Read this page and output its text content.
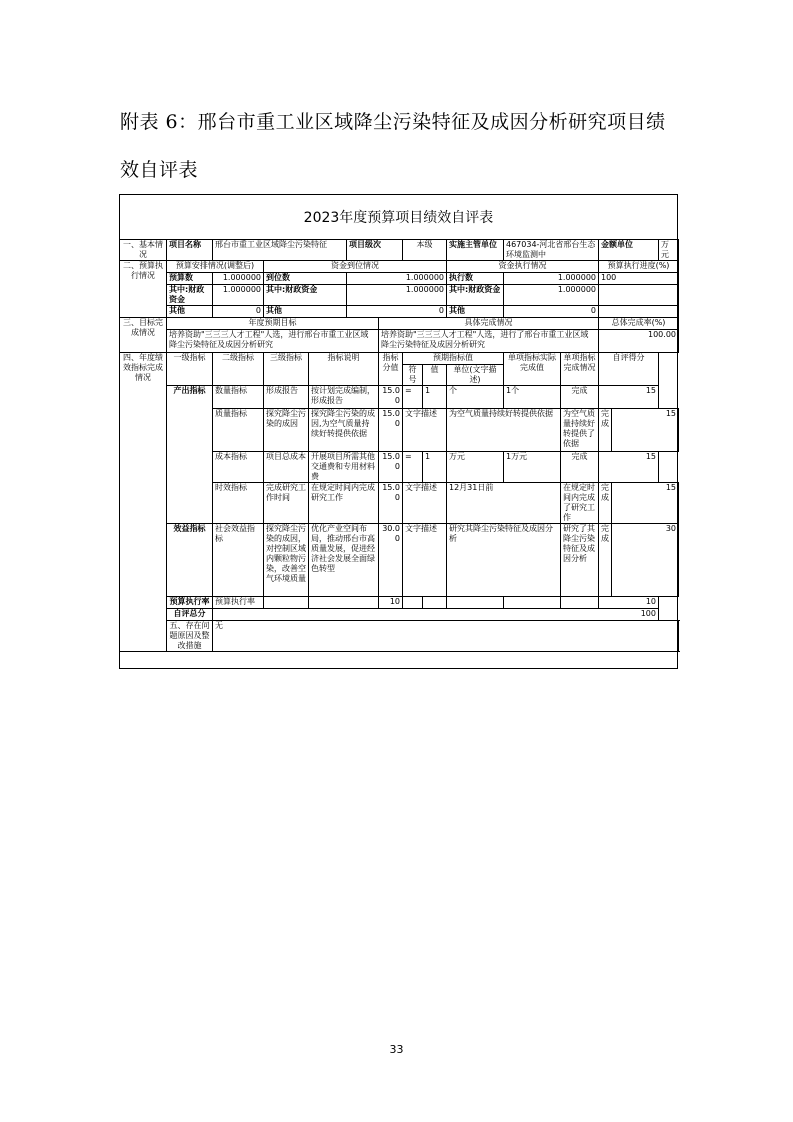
附表 6：邢台市重工业区域降尘污染特征及成因分析研究项目绩效自评表
2023年度预算项目绩效自评表
一、基本情况	项目名称	邢台市重工业区域降尘污染特征			项目级次		本级		实施主管单位	467034-河北省邢台生态环境监测中		金额单位		万元
二、预算执行情况	预算安排情况(调整后)		资金到位情况						资金执行情况			预算执行进度(%)		
	预算数	1.000000	到位数		1.000000				执行数	1.000000		100		
	其中:财政资金	1.000000	其中:财政资金		1.000000				其中:财政资金	1.000000				
	其他	0	其他		0				其他	0				
三、目标完成情况	年度预期目标					具体完成情况						总体完成率(%)		
	培养资助"三三三人才工程"人选，进行邢台市重工业区域降尘污染特征及成因分析研究					培养资助"三三三人才工程"人选，进行了邢台市重工业区域降尘污染特征及成因分析研究						100.00		
四、年度绩效指标完成情况	一级指标	二级指标	三级指标	指标说明		指标分值	预期指标值			单项指标实际完成值	单项指标完成情况	自评得分		
							符号	值	单位(文字描述)					
	产出指标	数量指标	形成报告	按计划完成编制，形成报告		15.00	=	1	个	1个	完成	15		
		质量指标	探究降尘污染的成因	探究降尘污染的成因,为空气质量持续好转提供依据		15.00	文字描述		为空气质量持续好转提供依据		为空气质量持续好转提供了依据	完成	15	
		成本指标	项目总成本	开展项目所需其他交通费和专用材料费		15.00	=	1	万元	1万元	完成	15		
		时效指标	完成研究工作时间	在规定时间内完成研究工作		15.00	文字描述		12月31日前		在规定时间内完成了研究工作	完成	15	
	效益指标	社会效益指标	探究降尘污染的成因，对控制区域内颗粒物污染，改善空气环境质量	优化产业空间布局，推动邢台市高质量发展，促进经济社会发展全面绿色转型		30.00	文字描述		研究其降尘污染特征及成因分析		研究了其降尘污染特征及成因分析	完成	30	
	预算执行率	预算执行率				10						10		
	自评总分	100												
	五、存在问题原因及整改措施	无												
33
